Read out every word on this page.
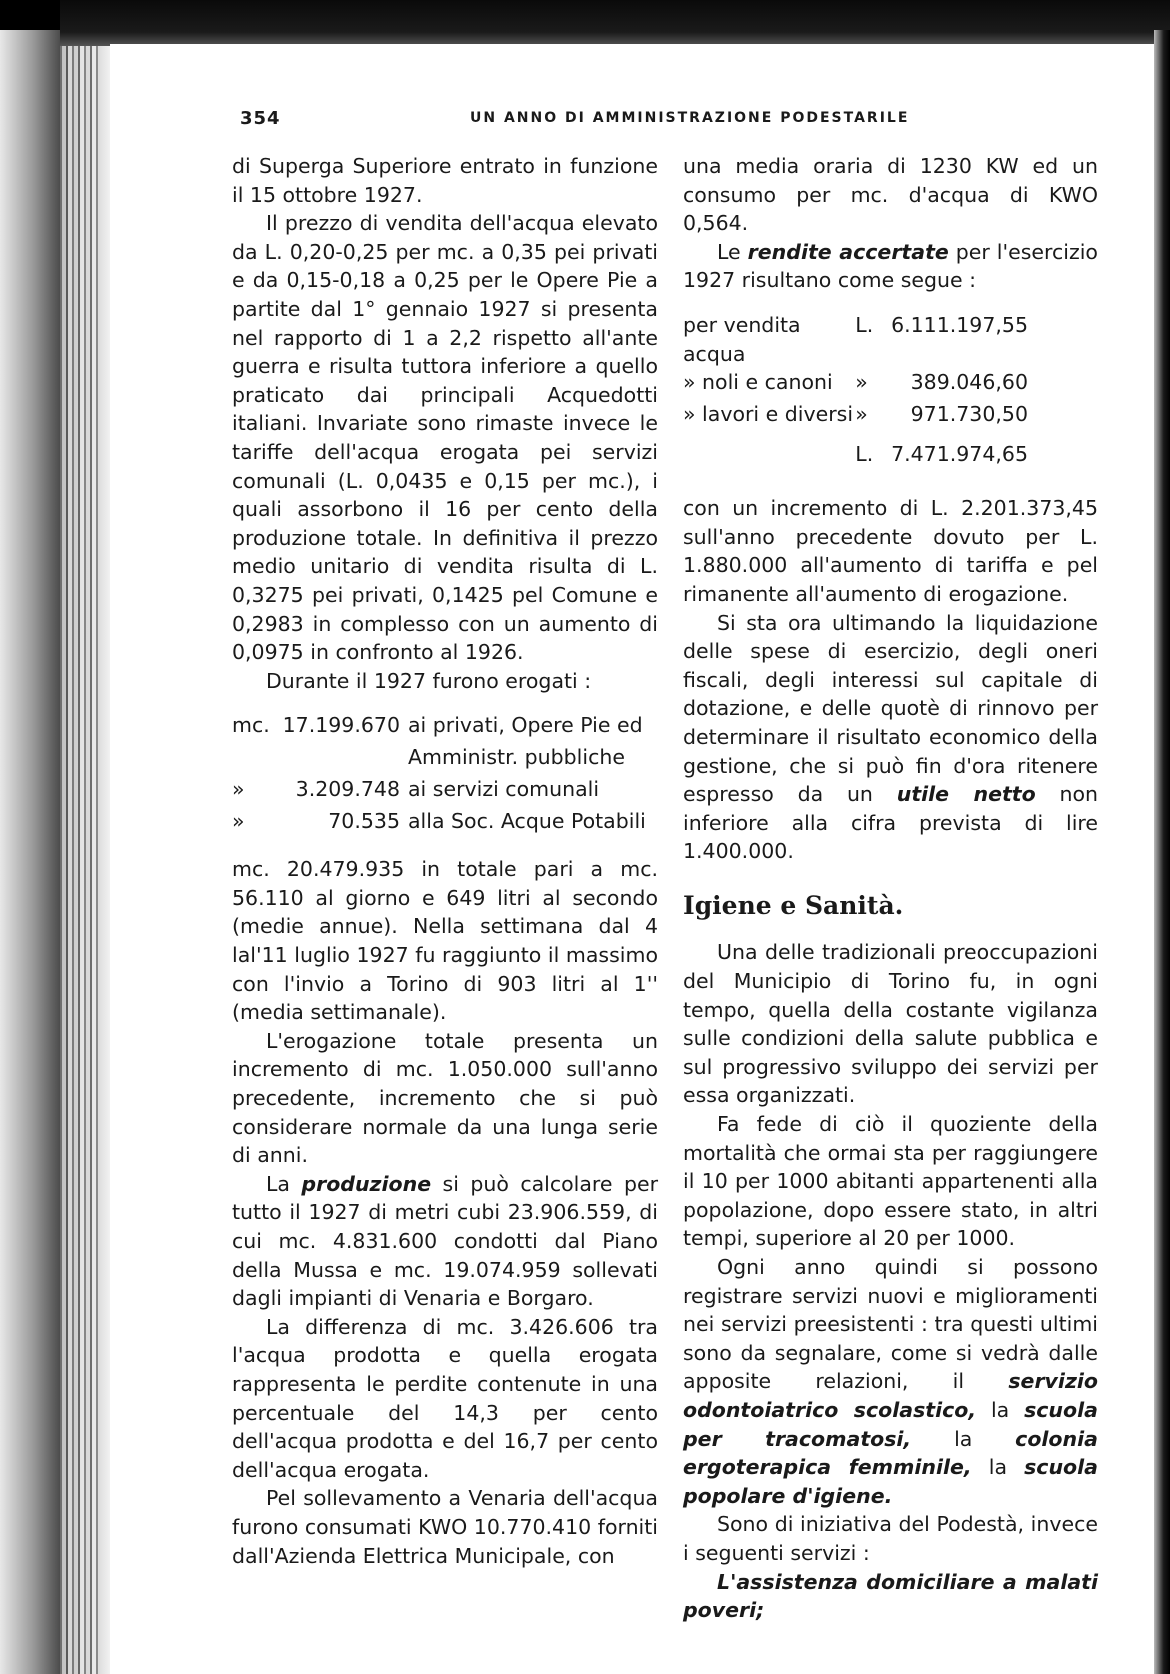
354	UN ANNO DI AMMINISTRAZIONE PODESTARILE

di Superga Superiore entrato in funzione il 15 ottobre 1927.

Il prezzo di vendita dell'acqua elevato da L. 0,20-0,25 per mc. a 0,35 pei privati e da 0,15-0,18 a 0,25 per le Opere Pie a partite dal 1° gennaio 1927 si presenta nel rapporto di 1 a 2,2 rispetto all'ante guerra e risulta tuttora inferiore a quello praticato dai principali Acquedotti italiani. Invariate sono rimaste invece le tariffe dell'acqua erogata pei servizi comunali (L. 0,0435 e 0,15 per mc.), i quali assorbono il 16 per cento della produzione totale. In definitiva il prezzo medio unitario di vendita risulta di L. 0,3275 pei privati, 0,1425 pel Comune e 0,2983 in complesso con un aumento di 0,0975 in confronto al 1926.

Durante il 1927 furono erogati :

mc.	17.199.670	ai privati, Opere Pie ed
		Amministr. pubbliche
»	3.209.748	ai servizi comunali
»	70.535	alla Soc. Acque Potabili

mc. 20.479.935 in totale pari a mc. 56.110 al giorno e 649 litri al secondo (medie annue). Nella settimana dal 4 lal'11 luglio 1927 fu raggiunto il massimo con l'invio a Torino di 903 litri al 1'' (media settimanale).

L'erogazione totale presenta un incremento di mc. 1.050.000 sull'anno precedente, incremento che si può considerare normale da una lunga serie di anni.

La produzione si può calcolare per tutto il 1927 di metri cubi 23.906.559, di cui mc. 4.831.600 condotti dal Piano della Mussa e mc. 19.074.959 sollevati dagli impianti di Venaria e Borgaro.

La differenza di mc. 3.426.606 tra l'acqua prodotta e quella erogata rappresenta le perdite contenute in una percentuale del 14,3 per cento dell'acqua prodotta e del 16,7 per cento dell'acqua erogata.

Pel sollevamento a Venaria dell'acqua furono consumati KWO 10.770.410 forniti dall'Azienda Elettrica Municipale, con

una media oraria di 1230 KW ed un consumo per mc. d'acqua di KWO 0,564.

Le rendite accertate per l'esercizio 1927 risultano come segue :

per vendita acqua	L.	6.111.197,55
» noli e canoni	»	389.046,60
» lavori e diversi	»	971.730,50
	L.	7.471.974,65

con un incremento di L. 2.201.373,45 sull'anno precedente dovuto per L. 1.880.000 all'aumento di tariffa e pel rimanente all'aumento di erogazione.

Si sta ora ultimando la liquidazione delle spese di esercizio, degli oneri fiscali, degli interessi sul capitale di dotazione, e delle quotè di rinnovo per determinare il risultato economico della gestione, che si può fin d'ora ritenere espresso da un utile netto non inferiore alla cifra prevista di lire 1.400.000.

Igiene e Sanità.

Una delle tradizionali preoccupazioni del Municipio di Torino fu, in ogni tempo, quella della costante vigilanza sulle condizioni della salute pubblica e sul progressivo sviluppo dei servizi per essa organizzati.

Fa fede di ciò il quoziente della mortalità che ormai sta per raggiungere il 10 per 1000 abitanti appartenenti alla popolazione, dopo essere stato, in altri tempi, superiore al 20 per 1000.

Ogni anno quindi si possono registrare servizi nuovi e miglioramenti nei servizi preesistenti : tra questi ultimi sono da segnalare, come si vedrà dalle apposite relazioni, il servizio odontoiatrico scolastico, la scuola per tracomatosi, la colonia ergoterapica femminile, la scuola popolare d'igiene.

Sono di iniziativa del Podestà, invece i seguenti servizi :

L'assistenza domiciliare a malati poveri;
